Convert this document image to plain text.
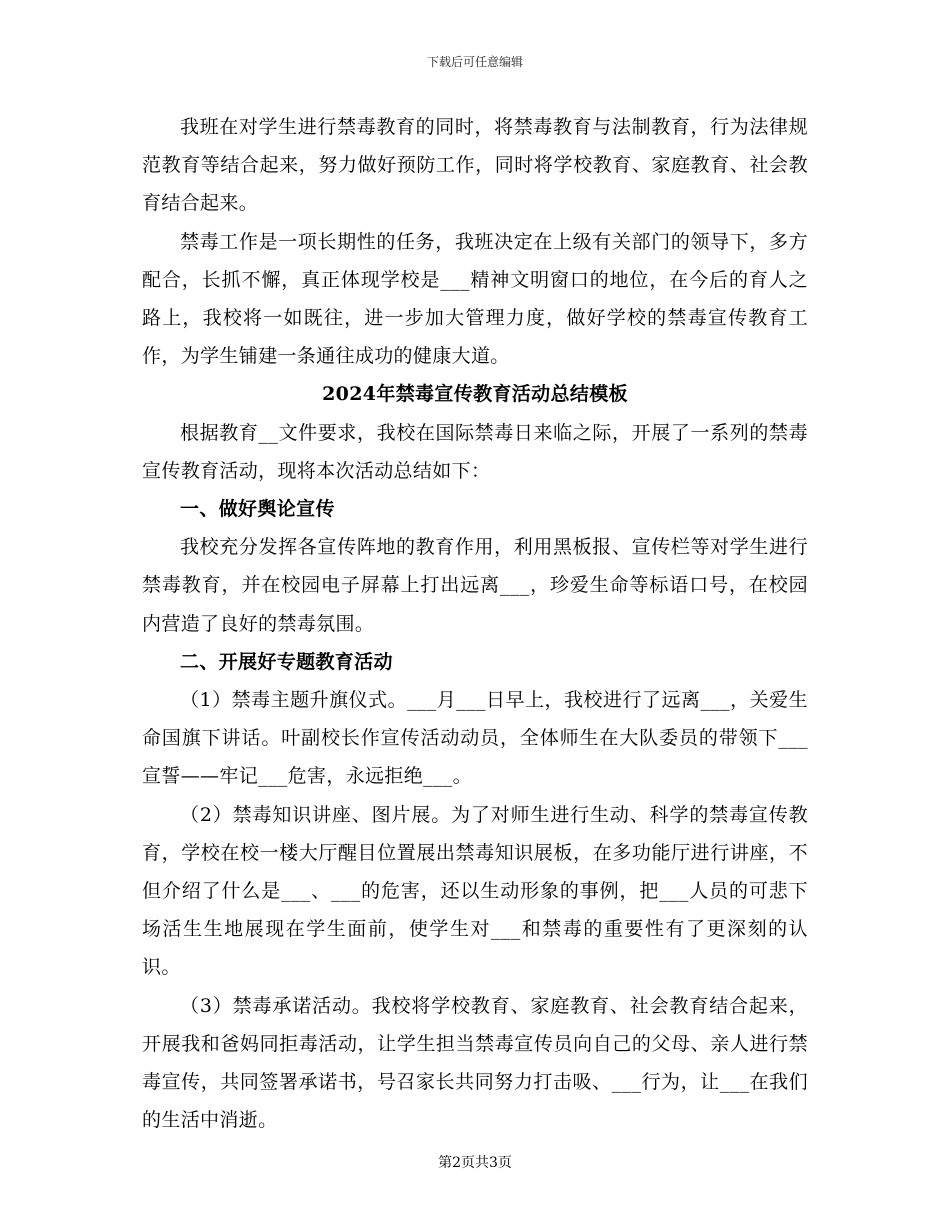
下载后可任意编辑

我班在对学生进行禁毒教育的同时，将禁毒教育与法制教育，行为法律规范教育等结合起来，努力做好预防工作，同时将学校教育、家庭教育、社会教育结合起来。

禁毒工作是一项长期性的任务，我班决定在上级有关部门的领导下，多方配合，长抓不懈，真正体现学校是___精神文明窗口的地位，在今后的育人之路上，我校将一如既往，进一步加大管理力度，做好学校的禁毒宣传教育工作，为学生铺建一条通往成功的健康大道。

2024年禁毒宣传教育活动总结模板

根据教育__文件要求，我校在国际禁毒日来临之际，开展了一系列的禁毒宣传教育活动，现将本次活动总结如下：

一、做好舆论宣传

我校充分发挥各宣传阵地的教育作用，利用黑板报、宣传栏等对学生进行禁毒教育，并在校园电子屏幕上打出远离___，珍爱生命等标语口号，在校园内营造了良好的禁毒氛围。

二、开展好专题教育活动

（1）禁毒主题升旗仪式。___月___日早上，我校进行了远离___，关爱生命国旗下讲话。叶副校长作宣传活动动员，全体师生在大队委员的带领下___宣誓——牢记___危害，永远拒绝___。

（2）禁毒知识讲座、图片展。为了对师生进行生动、科学的禁毒宣传教育，学校在校一楼大厅醒目位置展出禁毒知识展板，在多功能厅进行讲座，不但介绍了什么是___、___的危害，还以生动形象的事例，把___人员的可悲下场活生生地展现在学生面前，使学生对___和禁毒的重要性有了更深刻的认识。

（3）禁毒承诺活动。我校将学校教育、家庭教育、社会教育结合起来，开展我和爸妈同拒毒活动，让学生担当禁毒宣传员向自己的父母、亲人进行禁毒宣传，共同签署承诺书，号召家长共同努力打击吸、___行为，让___在我们的生活中消逝。

第2页共3页
